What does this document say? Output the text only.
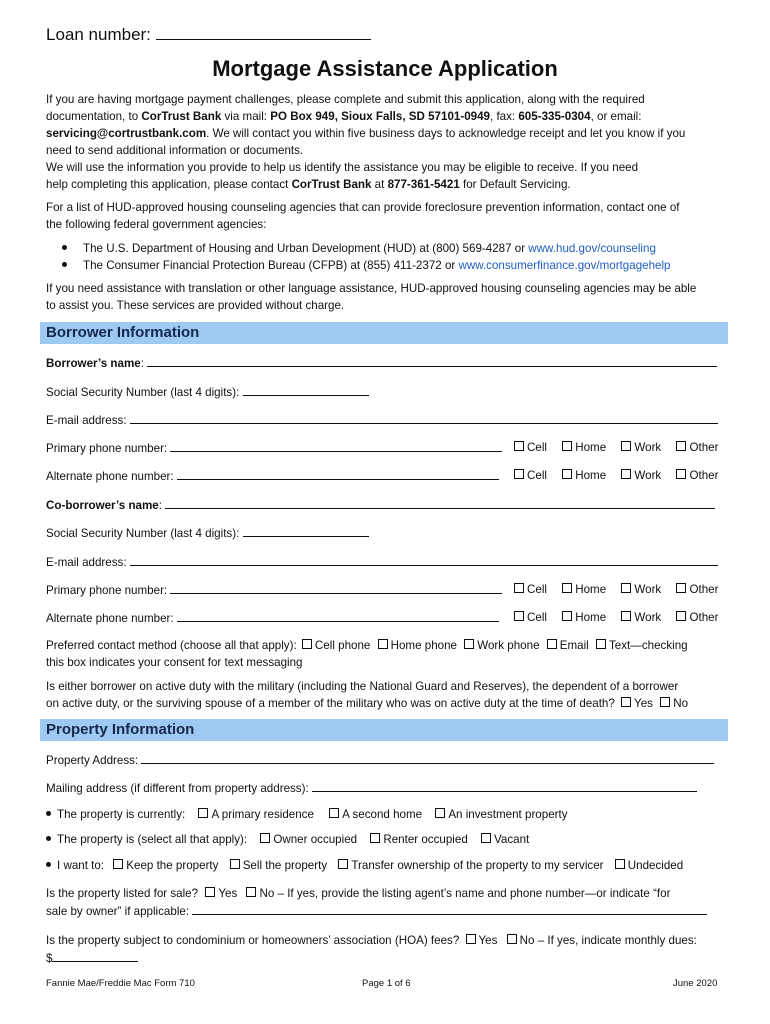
Loan number:
Mortgage Assistance Application
If you are having mortgage payment challenges, please complete and submit this application, along with the required
documentation, to CorTrust Bank via mail: PO Box 949, Sioux Falls, SD 57101-0949, fax: 605-335-0304, or email:
servicing@cortrustbank.com. We will contact you within five business days to acknowledge receipt and let you know if you
need to send additional information or documents.
We will use the information you provide to help us identify the assistance you may be eligible to receive. If you need
help completing this application, please contact CorTrust Bank at 877-361-5421 for Default Servicing.
For a list of HUD-approved housing counseling agencies that can provide foreclosure prevention information, contact one of
the following federal government agencies:
The U.S. Department of Housing and Urban Development (HUD) at (800) 569-4287 or www.hud.gov/counseling
The Consumer Financial Protection Bureau (CFPB) at (855) 411-2372 or www.consumerfinance.gov/mortgagehelp
If you need assistance with translation or other language assistance, HUD-approved housing counseling agencies may be able
to assist you. These services are provided without charge.
Borrower Information
Borrower’s name:
Social Security Number (last 4 digits):
E-mail address:
Primary phone number:	Cell Home Work Other
Alternate phone number:	Cell Home Work Other
Co-borrower’s name:
Social Security Number (last 4 digits):
E-mail address:
Primary phone number:	Cell Home Work Other
Alternate phone number:	Cell Home Work Other
Preferred contact method (choose all that apply): Cell phone Home phone Work phone Email Text—checking
this box indicates your consent for text messaging
Is either borrower on active duty with the military (including the National Guard and Reserves), the dependent of a borrower
on active duty, or the surviving spouse of a member of the military who was on active duty at the time of death? Yes No
Property Information
Property Address:
Mailing address (if different from property address):
The property is currently: A primary residence A second home An investment property
The property is (select all that apply): Owner occupied Renter occupied Vacant
I want to: Keep the property Sell the property Transfer ownership of the property to my servicer Undecided
Is the property listed for sale? Yes No – If yes, provide the listing agent’s name and phone number—or indicate “for
sale by owner” if applicable:
Is the property subject to condominium or homeowners’ association (HOA) fees? Yes No – If yes, indicate monthly dues:
$
Fannie Mae/Freddie Mac Form 710	Page 1 of 6	June 2020
